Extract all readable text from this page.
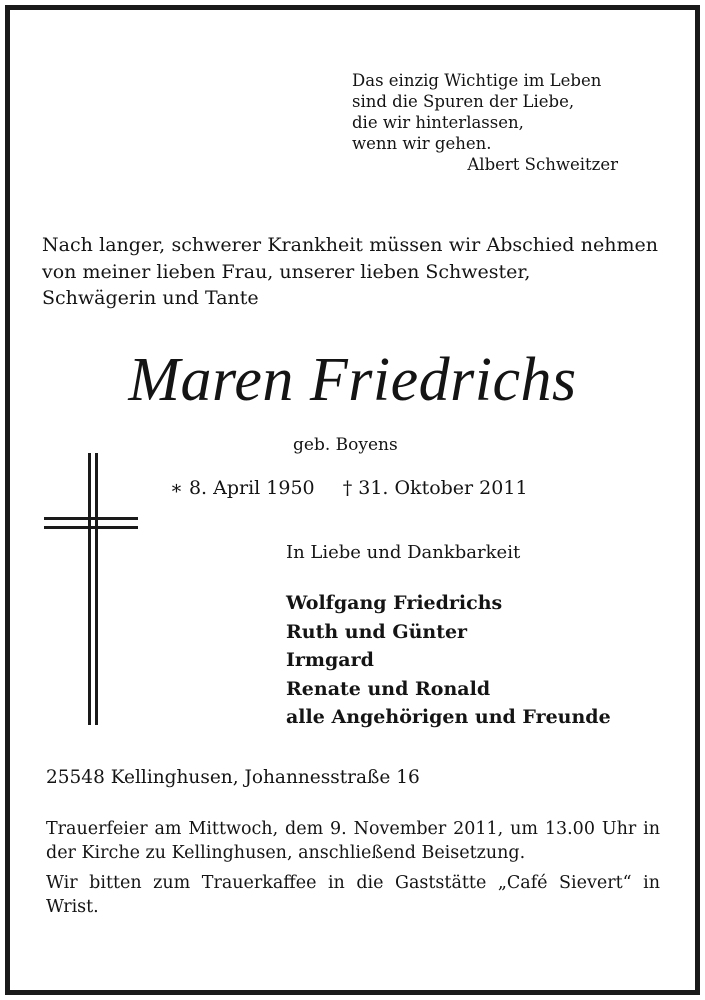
Das einzig Wichtige im Leben
sind die Spuren der Liebe,
die wir hinterlassen,
wenn wir gehen.

Albert Schweitzer
Nach langer, schwerer Krankheit müssen wir Abschied nehmen von meiner lieben Frau, unserer lieben Schwester,
Schwägerin und Tante
Maren Friedrichs
geb. Boyens
∗ 8. April 1950 † 31. Oktober 2011
In Liebe und Dankbarkeit
Wolfgang Friedrichs
Ruth und Günter
Irmgard
Renate und Ronald
alle Angehörigen und Freunde
25548 Kellinghusen, Johannesstraße 16

Trauerfeier am Mittwoch, dem 9. November 2011, um 13.00 Uhr in der Kirche zu Kellinghusen, anschließend Beisetzung.

Wir bitten zum Trauerkaffee in die Gaststätte „Café Sievert“ in Wrist.
